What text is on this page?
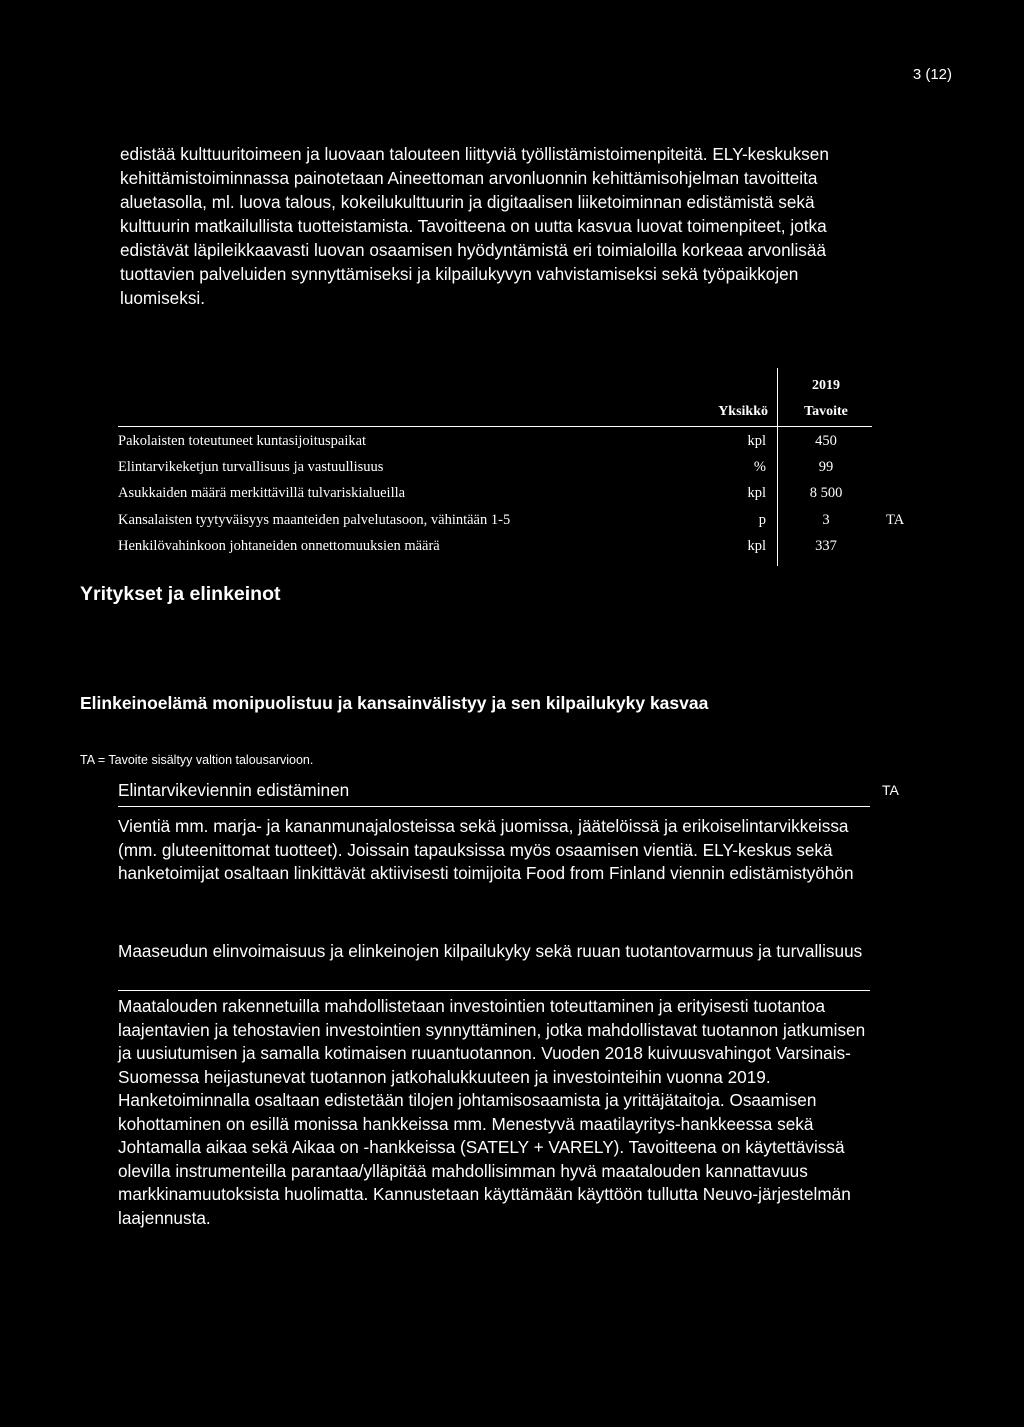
3 (12)

edistää kulttuuritoimeen ja luovaan talouteen liittyviä työllistämistoimenpiteitä. ELY-keskuksen kehittämistoiminnassa painotetaan Aineettoman arvonluonnin kehittämisohjelman tavoitteita aluetasolla, ml. luova talous, kokeilukulttuurin ja digitaalisen liiketoiminnan edistämistä sekä kulttuurin matkailullista tuotteistamista. Tavoitteena on uutta kasvua luovat toimenpiteet, jotka edistävät läpileikkaavasti luovan osaamisen hyödyntämistä eri toimialoilla korkeaa arvonlisää tuottavien palveluiden synnyttämiseksi ja kilpailukyvyn vahvistamiseksi sekä työpaikkojen luomiseksi.

2019
Yksikkö	Tavoite
Pakolaisten toteutuneet kuntasijoituspaikat	kpl	450
Elintarvikeketjun turvallisuus ja vastuullisuus	%	99
Asukkaiden määrä merkittävillä tulvariskialueilla	kpl	8 500
Kansalaisten tyytyväisyys maanteiden palvelutasoon, vähintään 1-5	p	3	TA
Henkilövahinkoon johtaneiden onnettomuuksien määrä	kpl	337
Yritykset ja elinkeinot
Elinkeinoelämä monipuolistuu ja kansainvälistyy ja sen kilpailukyky kasvaa
TA = Tavoite sisältyy valtion talousarvioon.
Elintarvikeviennin edistäminen	TA

Vientiä mm. marja- ja kananmunajalosteissa sekä juomissa, jäätelöissä ja erikoiselintarvikkeissa (mm. gluteenittomat tuotteet). Joissain tapauksissa myös osaamisen vientiä. ELY-keskus sekä hanketoimijat osaltaan linkittävät aktiivisesti toimijoita Food from Finland viennin edistämistyöhön

Maaseudun elinvoimaisuus ja elinkeinojen kilpailukyky sekä ruuan tuotantovarmuus ja turvallisuus

Maatalouden rakennetuilla mahdollistetaan investointien toteuttaminen ja erityisesti tuotantoa laajentavien ja tehostavien investointien synnyttäminen, jotka mahdollistavat tuotannon jatkumisen ja uusiutumisen ja samalla kotimaisen ruuantuotannon. Vuoden 2018 kuivuusvahingot Varsinais-Suomessa heijastunevat tuotannon jatkohalukkuuteen ja investointeihin vuonna 2019. Hanketoiminnalla osaltaan edistetään tilojen johtamisosaamista ja yrittäjätaitoja. Osaamisen kohottaminen on esillä monissa hankkeissa mm. Menestyvä maatilayritys-hankkeessa sekä Johtamalla aikaa sekä Aikaa on -hankkeissa (SATELY + VARELY). Tavoitteena on käytettävissä olevilla instrumenteilla parantaa/ylläpitää mahdollisimman hyvä maatalouden kannattavuus markkinamuutoksista huolimatta. Kannustetaan käyttämään käyttöön tullutta Neuvo-järjestelmän laajennusta.
